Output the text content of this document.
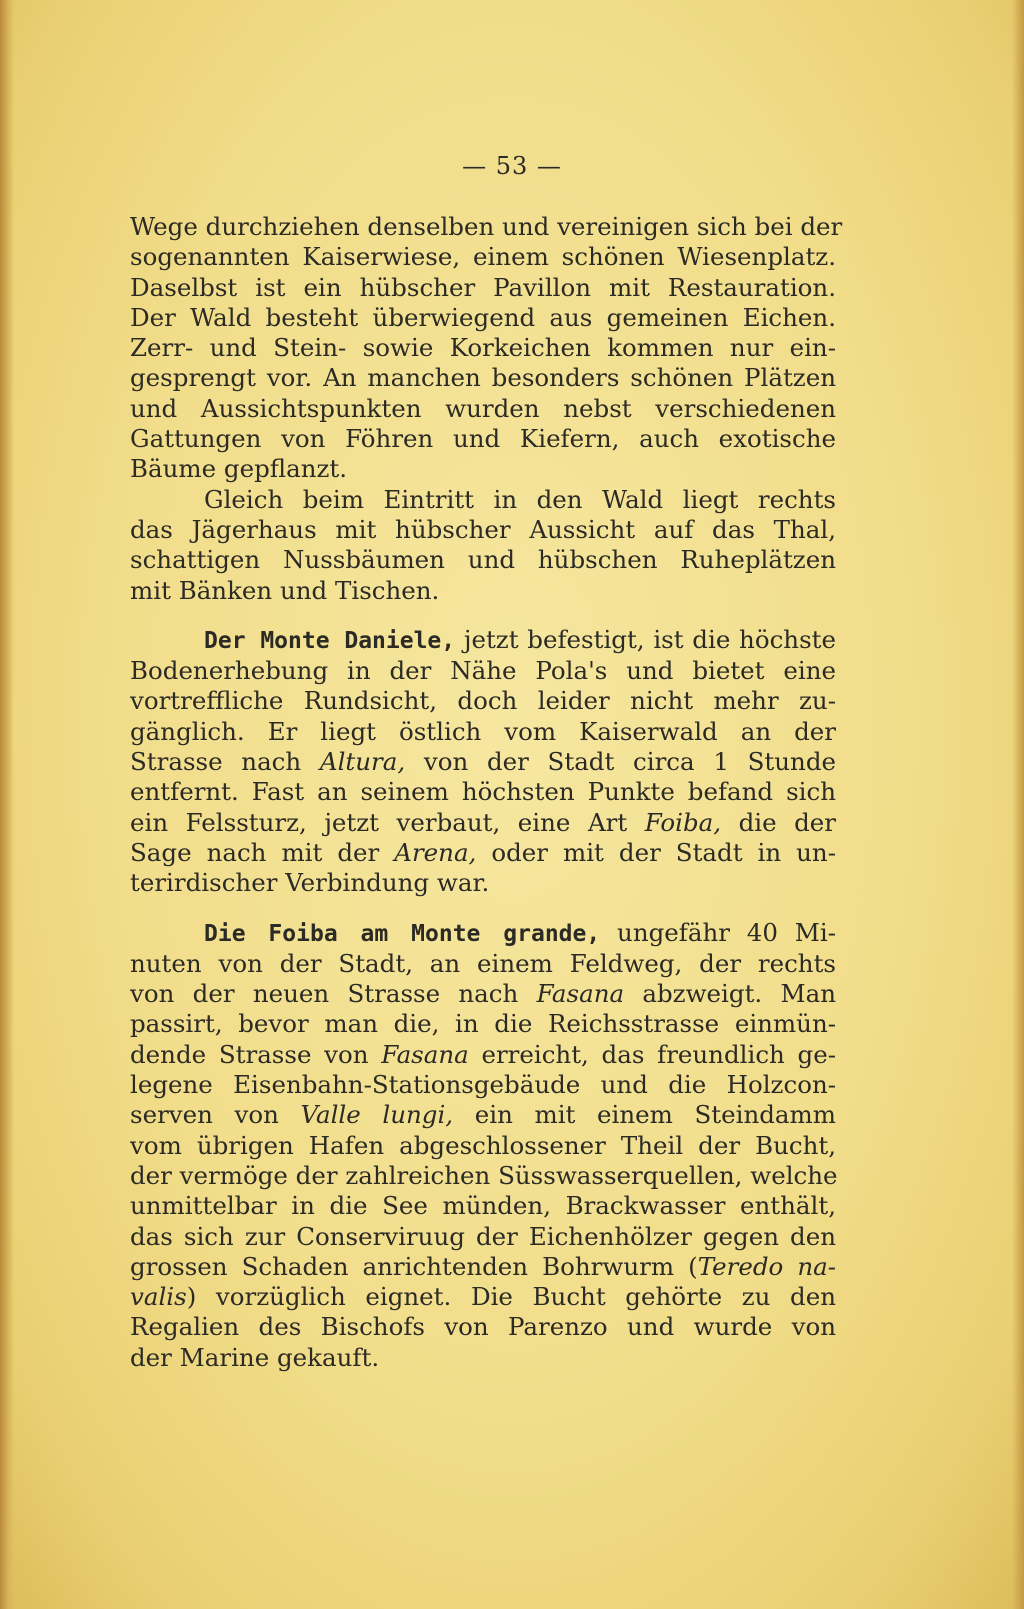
— 53 —
Wege durchziehen denselben und vereinigen sich bei der
sogenannten Kaiserwiese, einem schönen Wiesenplatz.
Daselbst ist ein hübscher Pavillon mit Restauration.
Der Wald besteht überwiegend aus gemeinen Eichen.
Zerr- und Stein- sowie Korkeichen kommen nur ein-
gesprengt vor. An manchen besonders schönen Plätzen
und Aussichtspunkten wurden nebst verschiedenen
Gattungen von Föhren und Kiefern, auch exotische
Bäume gepflanzt.
Gleich beim Eintritt in den Wald liegt rechts
das Jägerhaus mit hübscher Aussicht auf das Thal,
schattigen Nussbäumen und hübschen Ruheplätzen
mit Bänken und Tischen.
Der Monte Daniele, jetzt befestigt, ist die höchste
Bodenerhebung in der Nähe Pola's und bietet eine
vortreffliche Rundsicht, doch leider nicht mehr zu-
gänglich. Er liegt östlich vom Kaiserwald an der
Strasse nach Altura, von der Stadt circa 1 Stunde
entfernt. Fast an seinem höchsten Punkte befand sich
ein Felssturz, jetzt verbaut, eine Art Foiba, die der
Sage nach mit der Arena, oder mit der Stadt in un-
terirdischer Verbindung war.
Die Foiba am Monte grande, ungefähr 40 Mi-
nuten von der Stadt, an einem Feldweg, der rechts
von der neuen Strasse nach Fasana abzweigt. Man
passirt, bevor man die, in die Reichsstrasse einmün-
dende Strasse von Fasana erreicht, das freundlich ge-
legene Eisenbahn-Stationsgebäude und die Holzcon-
serven von Valle lungi, ein mit einem Steindamm
vom übrigen Hafen abgeschlossener Theil der Bucht,
der vermöge der zahlreichen Süsswasserquellen, welche
unmittelbar in die See münden, Brackwasser enthält,
das sich zur Conserviruug der Eichenhölzer gegen den
grossen Schaden anrichtenden Bohrwurm (Teredo na-
valis) vorzüglich eignet. Die Bucht gehörte zu den
Regalien des Bischofs von Parenzo und wurde von
der Marine gekauft.
